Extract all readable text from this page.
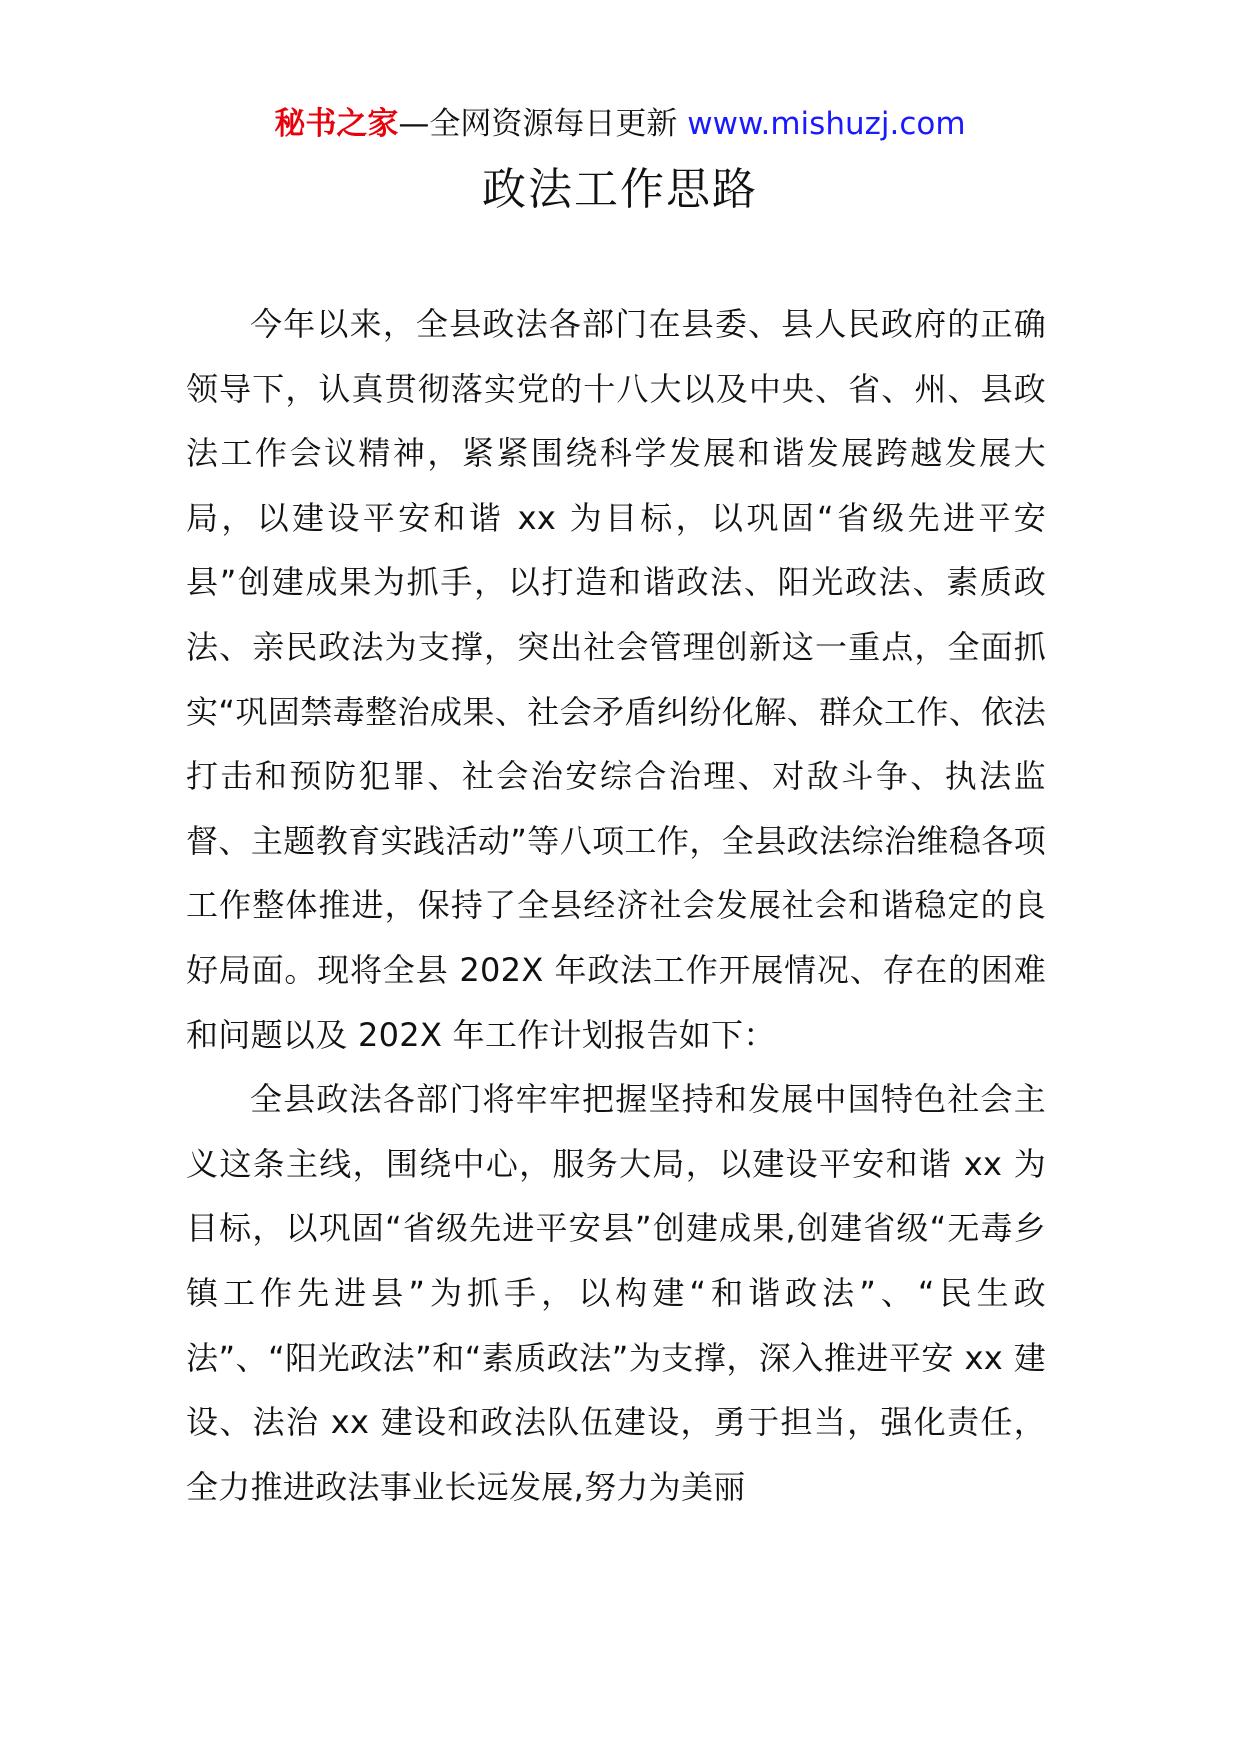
秘书之家—全网资源每日更新 www.mishuzj.com
政法工作思路

今年以来，全县政法各部门在县委、县人民政府的正确领导下，认真贯彻落实党的十八大以及中央、省、州、县政法工作会议精神，紧紧围绕科学发展和谐发展跨越发展大局，以建设平安和谐 xx 为目标，以巩固“省级先进平安县”创建成果为抓手，以打造和谐政法、阳光政法、素质政法、亲民政法为支撑，突出社会管理创新这一重点，全面抓实“巩固禁毒整治成果、社会矛盾纠纷化解、群众工作、依法打击和预防犯罪、社会治安综合治理、对敌斗争、执法监督、主题教育实践活动”等八项工作，全县政法综治维稳各项工作整体推进，保持了全县经济社会发展社会和谐稳定的良好局面。现将全县 202X 年政法工作开展情况、存在的困难和问题以及 202X 年工作计划报告如下：

全县政法各部门将牢牢把握坚持和发展中国特色社会主义这条主线，围绕中心，服务大局，以建设平安和谐 xx 为目标，以巩固“省级先进平安县”创建成果,创建省级“无毒乡镇工作先进县”为抓手，以构建“和谐政法”、“民生政法”、“阳光政法”和“素质政法”为支撑，深入推进平安 xx 建设、法治 xx 建设和政法队伍建设，勇于担当，强化责任，全力推进政法事业长远发展,努力为美丽
